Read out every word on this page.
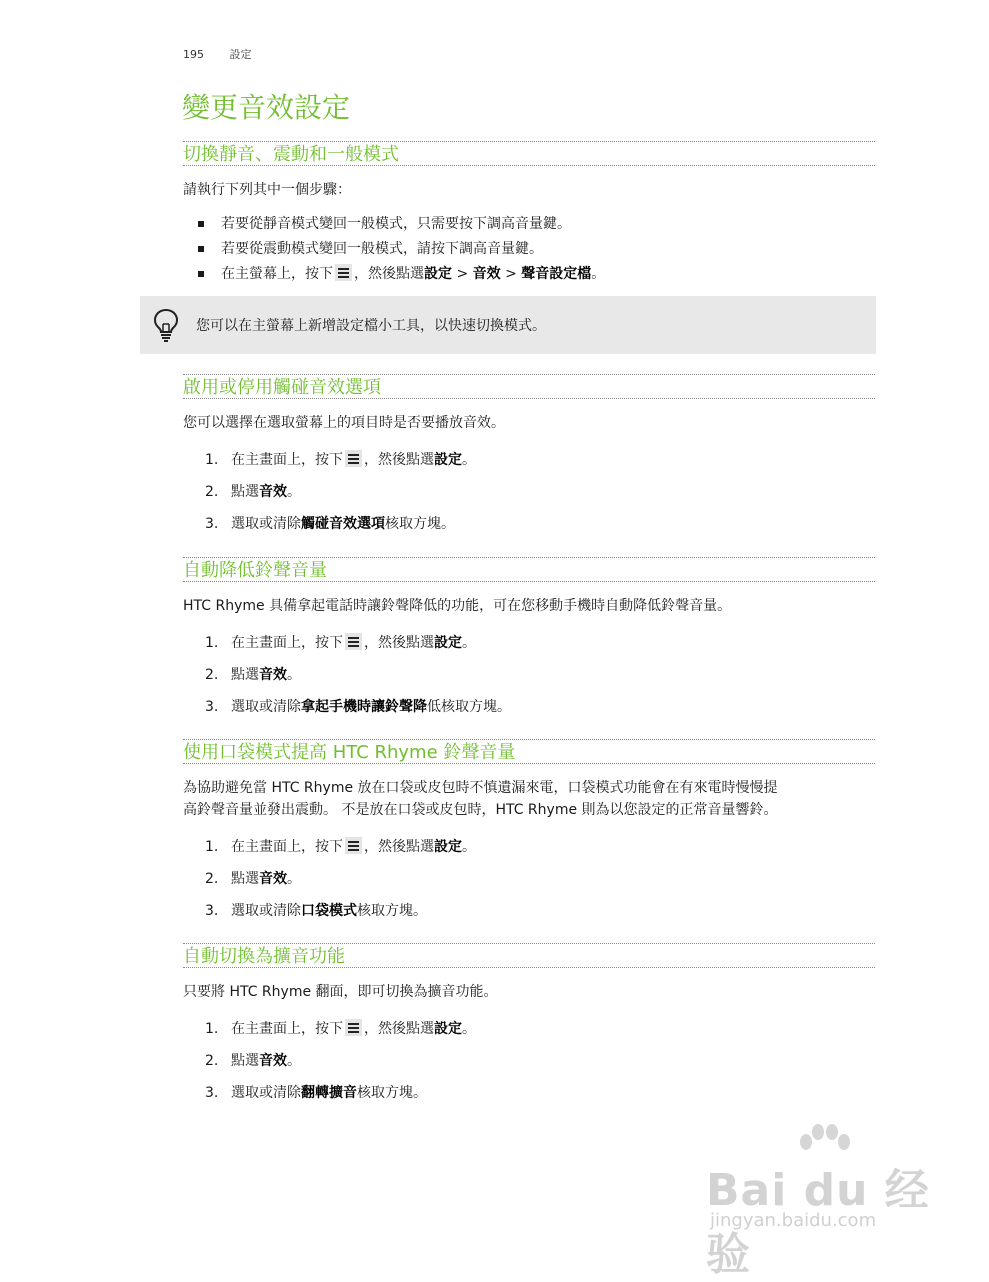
195 設定
變更音效設定
切換靜音、震動和一般模式

請執行下列其中一個步驟：

若要從靜音模式變回一般模式，只需要按下調高音量鍵。
若要從震動模式變回一般模式，請按下調高音量鍵。
在主螢幕上，按下 ，然後點選設定 > 音效 > 聲音設定檔。
您可以在主螢幕上新增設定檔小工具，以快速切換模式。
啟用或停用觸碰音效選項

您可以選擇在選取螢幕上的項目時是否要播放音效。

1. 在主畫面上，按下 ，然後點選設定。
2. 點選音效。
3. 選取或清除觸碰音效選項核取方塊。
自動降低鈴聲音量

HTC Rhyme 具備拿起電話時讓鈴聲降低的功能，可在您移動手機時自動降低鈴聲音量。

1. 在主畫面上，按下 ，然後點選設定。
2. 點選音效。
3. 選取或清除拿起手機時讓鈴聲降低核取方塊。
使用口袋模式提高 HTC Rhyme 鈴聲音量

為協助避免當 HTC Rhyme 放在口袋或皮包時不慎遺漏來電，口袋模式功能會在有來電時慢慢提

高鈴聲音量並發出震動。 不是放在口袋或皮包時，HTC Rhyme 則為以您設定的正常音量響鈴。

1. 在主畫面上，按下 ，然後點選設定。
2. 點選音效。
3. 選取或清除口袋模式核取方塊。
自動切換為擴音功能

只要將 HTC Rhyme 翻面，即可切換為擴音功能。

1. 在主畫面上，按下 ，然後點選設定。
2. 點選音效。
3. 選取或清除翻轉擴音核取方塊。
Bai du 经验
jingyan.baidu.com
